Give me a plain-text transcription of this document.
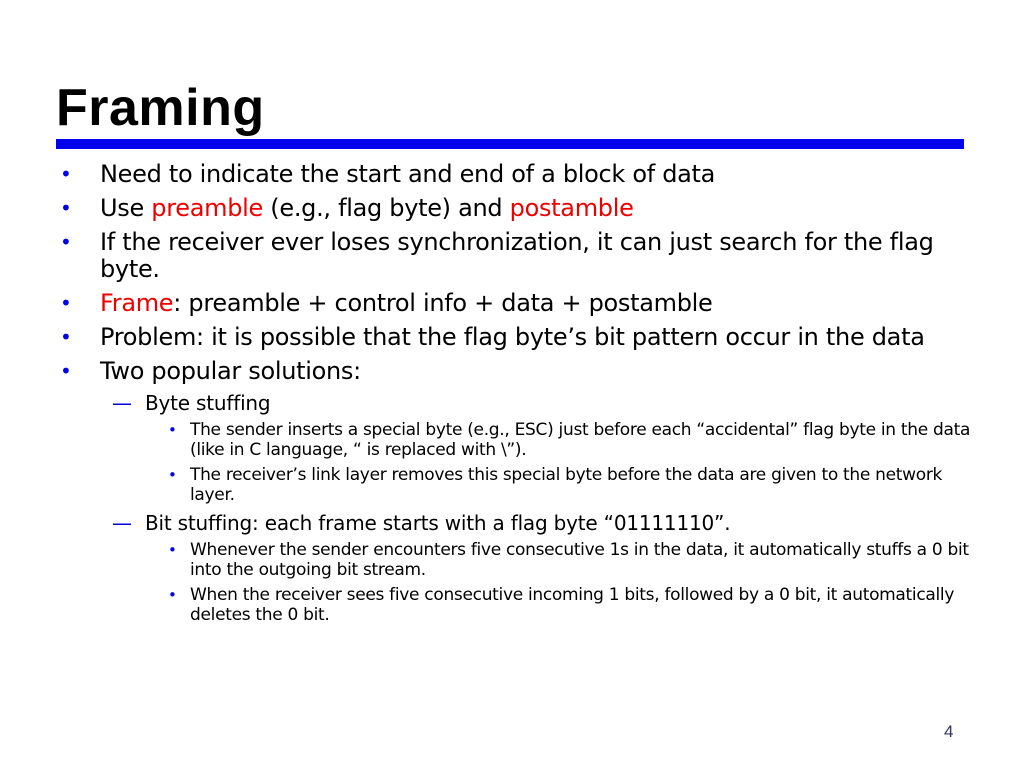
Framing
• Need to indicate the start and end of a block of data
• Use preamble (e.g., flag byte) and postamble
• If the receiver ever loses synchronization, it can just search for the flag byte.
• Frame: preamble + control info + data + postamble
• Problem: it is possible that the flag byte’s bit pattern occur in the data
• Two popular solutions:
— Byte stuffing
• The sender inserts a special byte (e.g., ESC) just before each “accidental” flag byte in the data (like in C language, “ is replaced with \”).
• The receiver’s link layer removes this special byte before the data are given to the network layer.
— Bit stuffing: each frame starts with a flag byte “01111110”.
• Whenever the sender encounters five consecutive 1s in the data, it automatically stuffs a 0 bit into the outgoing bit stream.
• When the receiver sees five consecutive incoming 1 bits, followed by a 0 bit, it automatically deletes the 0 bit.
4
